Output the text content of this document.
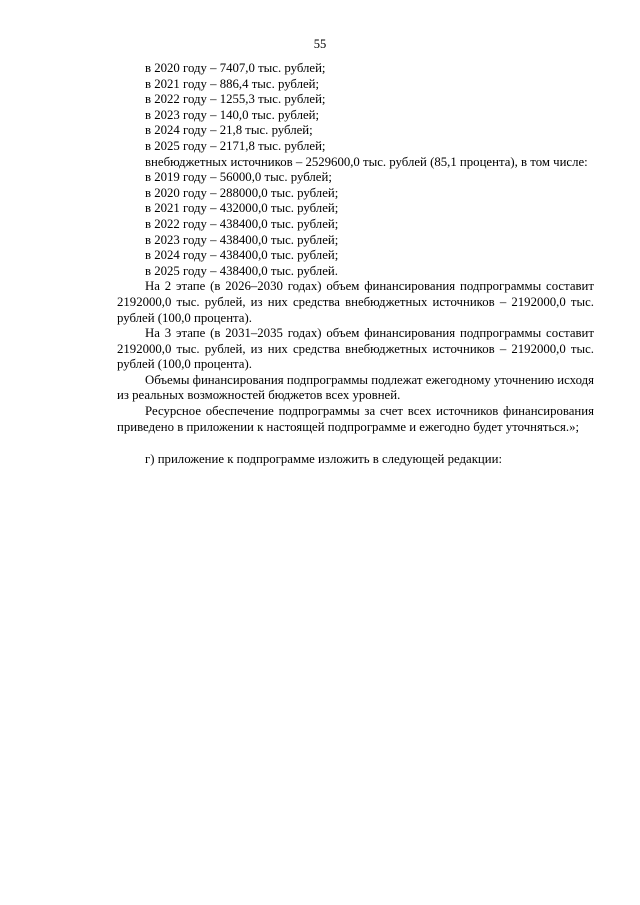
55
в 2020 году – 7407,0 тыс. рублей;
в 2021 году – 886,4 тыс. рублей;
в 2022 году – 1255,3 тыс. рублей;
в 2023 году – 140,0 тыс. рублей;
в 2024 году – 21,8 тыс. рублей;
в 2025 году – 2171,8 тыс. рублей;

внебюджетных источников – 2529600,0 тыс. рублей (85,1 процента), в том числе:

в 2019 году – 56000,0 тыс. рублей;
в 2020 году – 288000,0 тыс. рублей;
в 2021 году – 432000,0 тыс. рублей;
в 2022 году – 438400,0 тыс. рублей;
в 2023 году – 438400,0 тыс. рублей;
в 2024 году – 438400,0 тыс. рублей;
в 2025 году – 438400,0 тыс. рублей.

На 2 этапе (в 2026–2030 годах) объем финансирования подпрограммы составит 2192000,0 тыс. рублей, из них средства внебюджетных источников – 2192000,0 тыс. рублей (100,0 процента).

На 3 этапе (в 2031–2035 годах) объем финансирования подпрограммы составит 2192000,0 тыс. рублей, из них средства внебюджетных источников – 2192000,0 тыс. рублей (100,0 процента).

Объемы финансирования подпрограммы подлежат ежегодному уточнению исходя из реальных возможностей бюджетов всех уровней.

Ресурсное обеспечение подпрограммы за счет всех источников финансирования приведено в приложении к настоящей подпрограмме и ежегодно будет уточняться.»;

г) приложение к подпрограмме изложить в следующей редакции:
